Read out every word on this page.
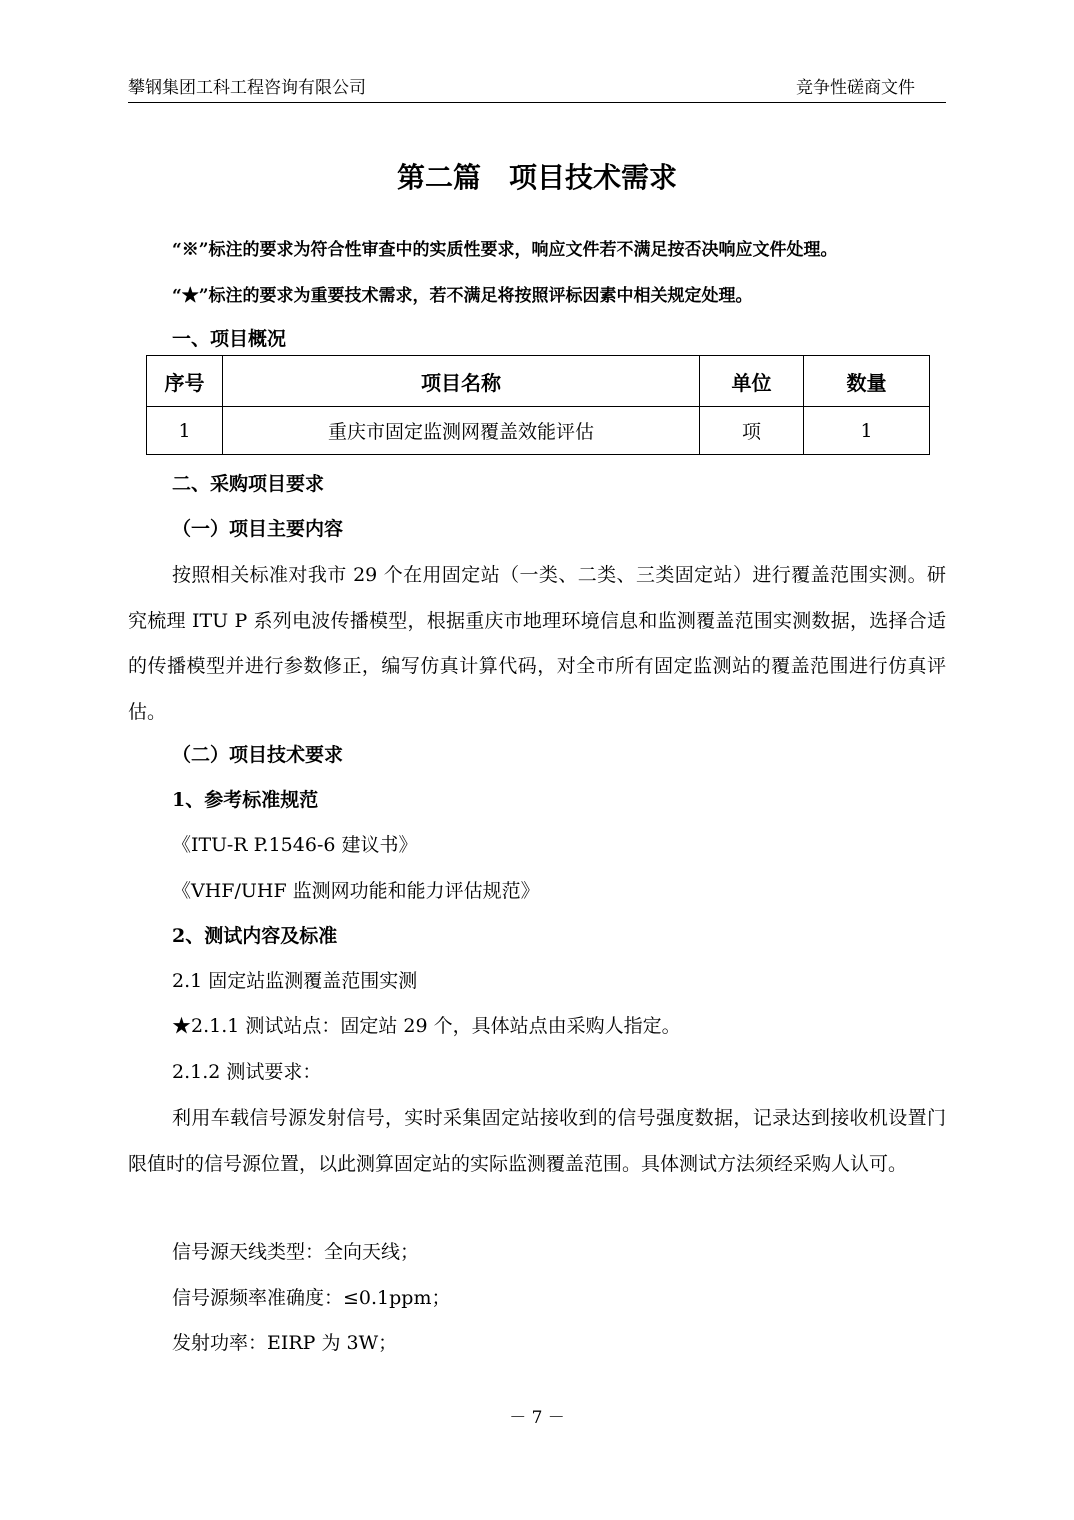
攀钢集团工科工程咨询有限公司	竞争性磋商文件
第二篇 项目技术需求
“※”标注的要求为符合性审查中的实质性要求，响应文件若不满足按否决响应文件处理。
“★”标注的要求为重要技术需求，若不满足将按照评标因素中相关规定处理。
一、项目概况
序号	项目名称	单位	数量
1	重庆市固定监测网覆盖效能评估	项	1
二、采购项目要求
（一）项目主要内容
按照相关标准对我市 29 个在用固定站（一类、二类、三类固定站）进行覆盖范围实测。研究梳理 ITU P 系列电波传播模型，根据重庆市地理环境信息和监测覆盖范围实测数据，选择合适的传播模型并进行参数修正，编写仿真计算代码，对全市所有固定监测站的覆盖范围进行仿真评估。
（二）项目技术要求
1、参考标准规范
《ITU-R P.1546-6 建议书》
《VHF/UHF 监测网功能和能力评估规范》
2、测试内容及标准
2.1 固定站监测覆盖范围实测
★2.1.1 测试站点：固定站 29 个，具体站点由采购人指定。
2.1.2 测试要求：
利用车载信号源发射信号，实时采集固定站接收到的信号强度数据，记录达到接收机设置门限值时的信号源位置，以此测算固定站的实际监测覆盖范围。具体测试方法须经采购人认可。
信号源天线类型：全向天线；
信号源频率准确度：≤0.1ppm；
发射功率：EIRP 为 3W；
－ 7 －
